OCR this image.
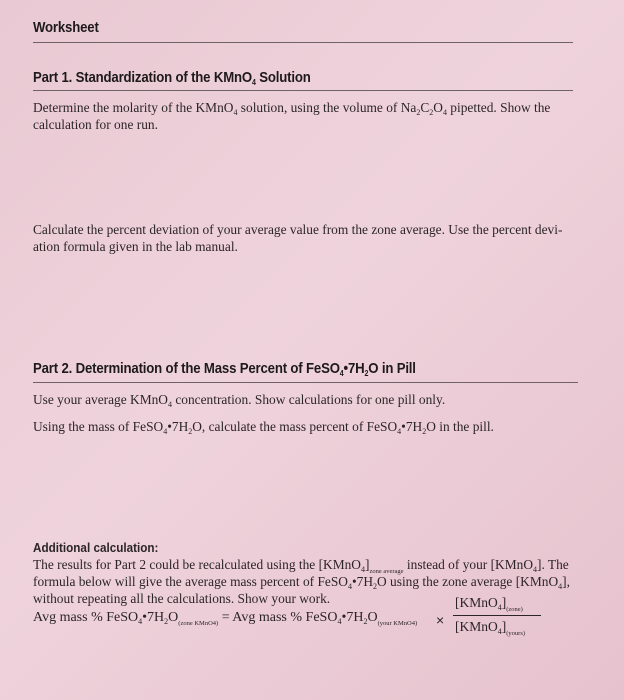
Worksheet
Part 1. Standardization of the KMnO$_4$ Solution
Determine the molarity of the KMnO$_4$ solution, using the volume of $Na_2C_2O_4$ pipetted. Show the calculation for one run.
Calculate the percent deviation of your average value from the zone average. Use the percent devi- ation formula given in the lab manual.
Part 2. Determination of the Mass Percent of $FeSO_4•7H_2O$ in Pill
Use your average KMnO$_4$ concentration. Show calculations for one pill only.
Using the mass of $FeSO_4•7H_2O$, calculate the mass percent of $FeSO_4•7H_2O$ in the pill.
Additional calculation:
The results for Part 2 could be recalculated using the $[KMnO_4]_{zone average}$ instead of your [KMnO$_4$]. The formula below will give the average mass percent of $FeSO_4•7H_2O$ using the zone average [KMnO$_4$], without repeating all the calculations. Show your work.
Avg mass % $FeSO_4•7H_2O_{(zone KMnO4)}$ = Avg mass % $FeSO_4•7H_2O_{(your KMnO4)}$ ×
$[KMnO_4]_{(zone)}$
$[KMnO_4]_{(yours)}$
